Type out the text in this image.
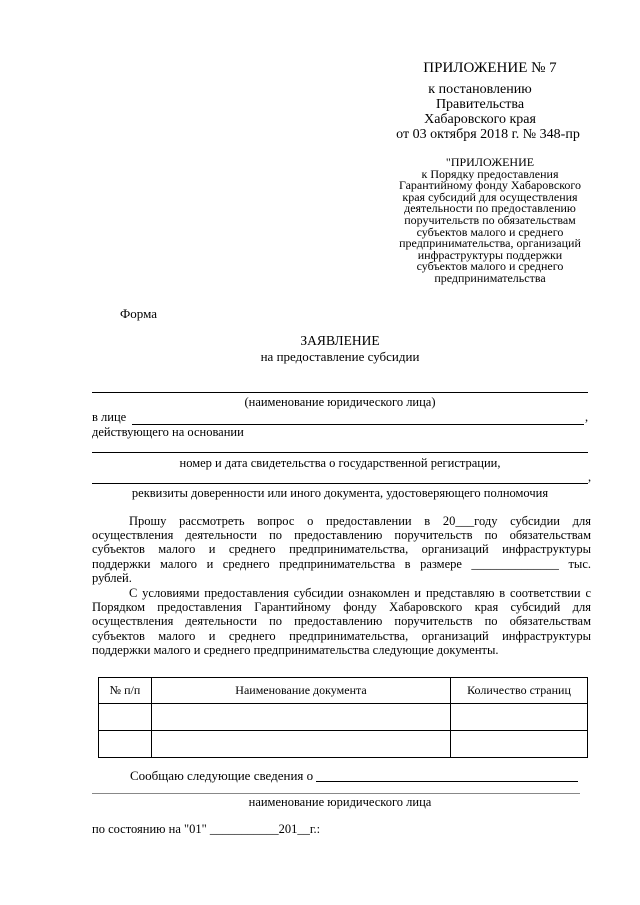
ПРИЛОЖЕНИЕ № 7
к постановлению
Правительства
Хабаровского края
от 03 октября 2018 г. № 348-пр
"ПРИЛОЖЕНИЕ
к Порядку предоставления
Гарантийному фонду Хабаровского
края субсидий для осуществления
деятельности по предоставлению
поручительств по обязательствам
субъектов малого и среднего
предпринимательства, организаций
инфраструктуры поддержки
субъектов малого и среднего
предпринимательства
Форма
ЗАЯВЛЕНИЕ
на предоставление субсидии
(наименование юридического лица)
в лице	,
действующего на основании
номер и дата свидетельства о государственной регистрации,
,
реквизиты доверенности или иного документа, удостоверяющего полномочия
Прошу рассмотреть вопрос о предоставлении в 20___году субсидии для
осуществления деятельности по предоставлению поручительств по обязательствам
субъектов малого и среднего предпринимательства, организаций инфраструктуры
поддержки малого и среднего предпринимательства в размере ______________ тыс.
рублей.
С условиями предоставления субсидии ознакомлен и представляю в соответствии с
Порядком предоставления Гарантийному фонду Хабаровского края субсидий для
осуществления деятельности по предоставлению поручительств по обязательствам
субъектов малого и среднего предпринимательства, организаций инфраструктуры
поддержки малого и среднего предпринимательства следующие документы.
№ п/п	Наименование документа	Количество страниц

Сообщаю следующие сведения о
наименование юридического лица
по состоянию на "01" ___________201__г.:
